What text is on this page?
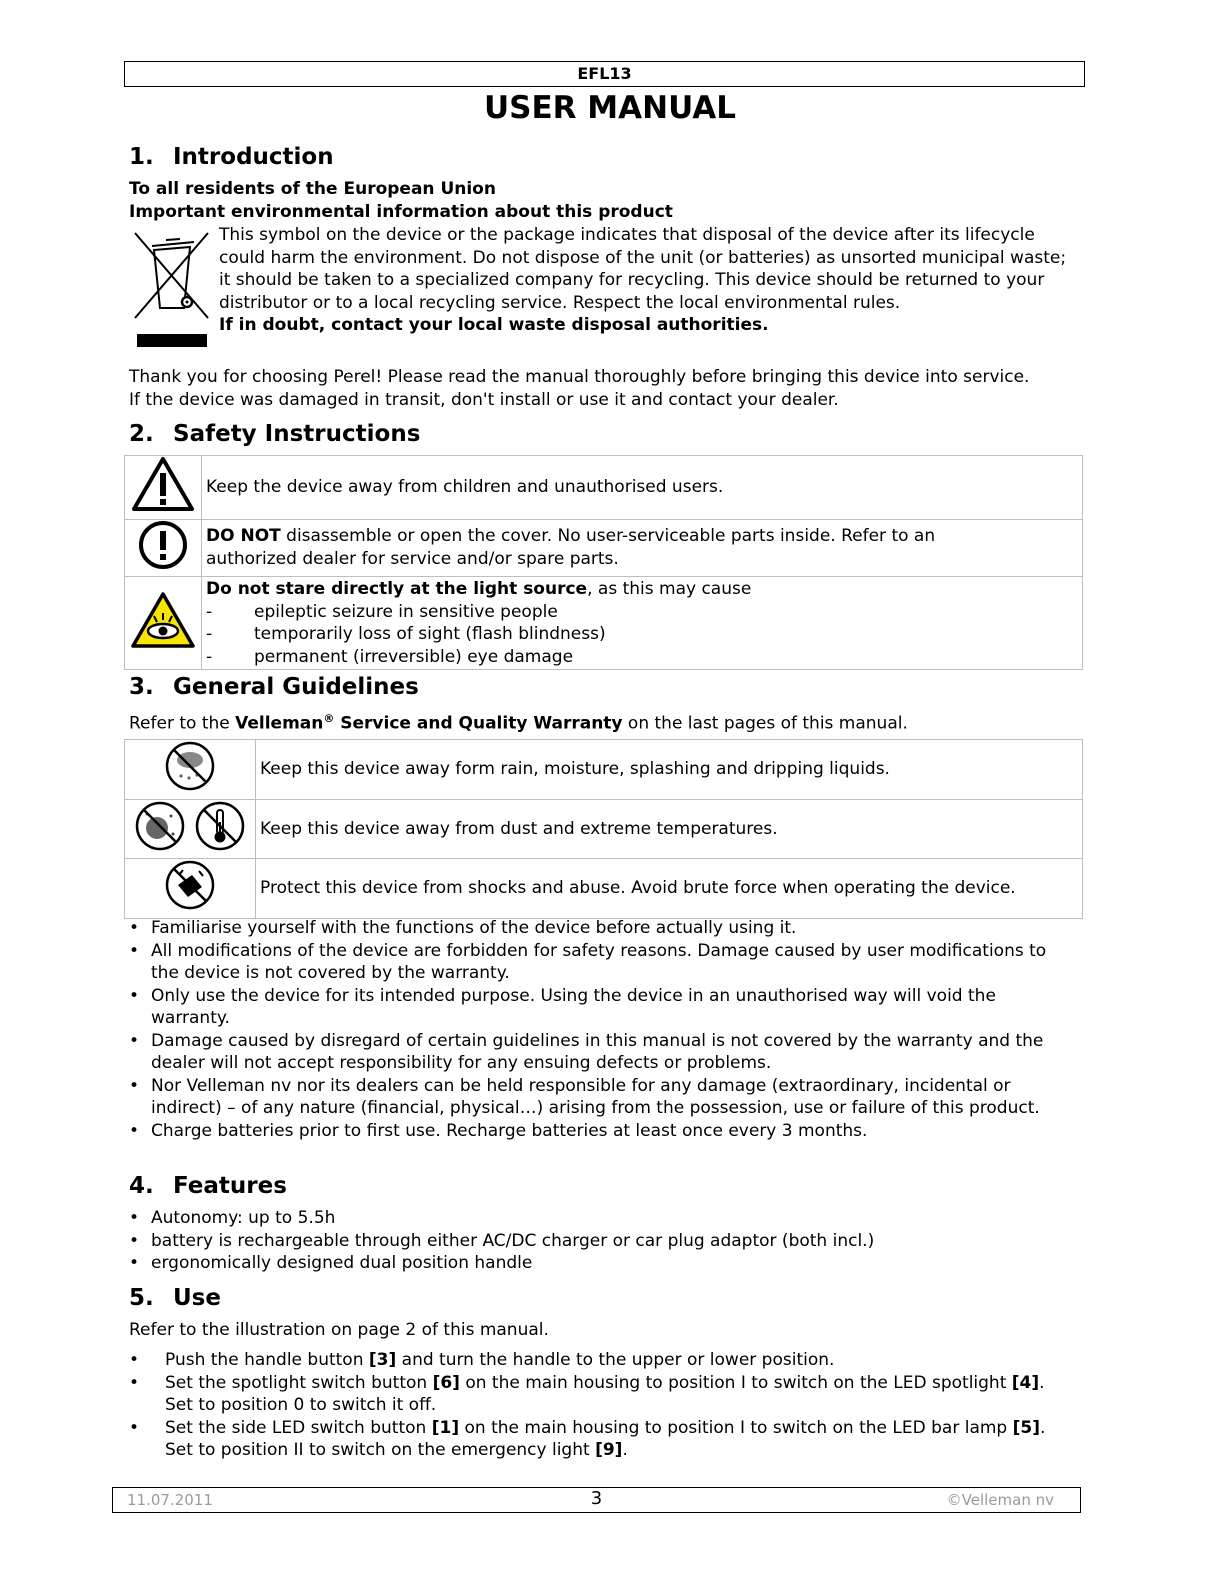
EFL13
USER MANUAL
1. Introduction
To all residents of the European Union
Important environmental information about this product
This symbol on the device or the package indicates that disposal of the device after its lifecycle could harm the environment. Do not dispose of the unit (or batteries) as unsorted municipal waste; it should be taken to a specialized company for recycling. This device should be returned to your distributor or to a local recycling service. Respect the local environmental rules.
If in doubt, contact your local waste disposal authorities.
Thank you for choosing Perel! Please read the manual thoroughly before bringing this device into service.
If the device was damaged in transit, don't install or use it and contact your dealer.
2. Safety Instructions
	Keep the device away from children and unauthorised users.
	DO NOT disassemble or open the cover. No user-serviceable parts inside. Refer to an
authorized dealer for service and/or spare parts.

Do not stare directly at the light source, as this may cause
- epileptic seizure in sensitive people
- temporarily loss of sight (flash blindness)
- permanent (irreversible) eye damage
3. General Guidelines
Refer to the Velleman® Service and Quality Warranty on the last pages of this manual.
	Keep this device away form rain, moisture, splashing and dripping liquids.
	Keep this device away from dust and extreme temperatures.
	Protect this device from shocks and abuse. Avoid brute force when operating the device.
• Familiarise yourself with the functions of the device before actually using it.
• All modifications of the device are forbidden for safety reasons. Damage caused by user modifications to the device is not covered by the warranty.
• Only use the device for its intended purpose. Using the device in an unauthorised way will void the warranty.
• Damage caused by disregard of certain guidelines in this manual is not covered by the warranty and the dealer will not accept responsibility for any ensuing defects or problems.
• Nor Velleman nv nor its dealers can be held responsible for any damage (extraordinary, incidental or indirect) – of any nature (financial, physical…) arising from the possession, use or failure of this product.
• Charge batteries prior to first use. Recharge batteries at least once every 3 months.
4. Features
• Autonomy: up to 5.5h
• battery is rechargeable through either AC/DC charger or car plug adaptor (both incl.)
• ergonomically designed dual position handle
5. Use
Refer to the illustration on page 2 of this manual.
• Push the handle button [3] and turn the handle to the upper or lower position.
• Set the spotlight switch button [6] on the main housing to position I to switch on the LED spotlight [4]. Set to position 0 to switch it off.
• Set the side LED switch button [1] on the main housing to position I to switch on the LED bar lamp [5]. Set to position II to switch on the emergency light [9].
11.07.2011	3	©Velleman nv
